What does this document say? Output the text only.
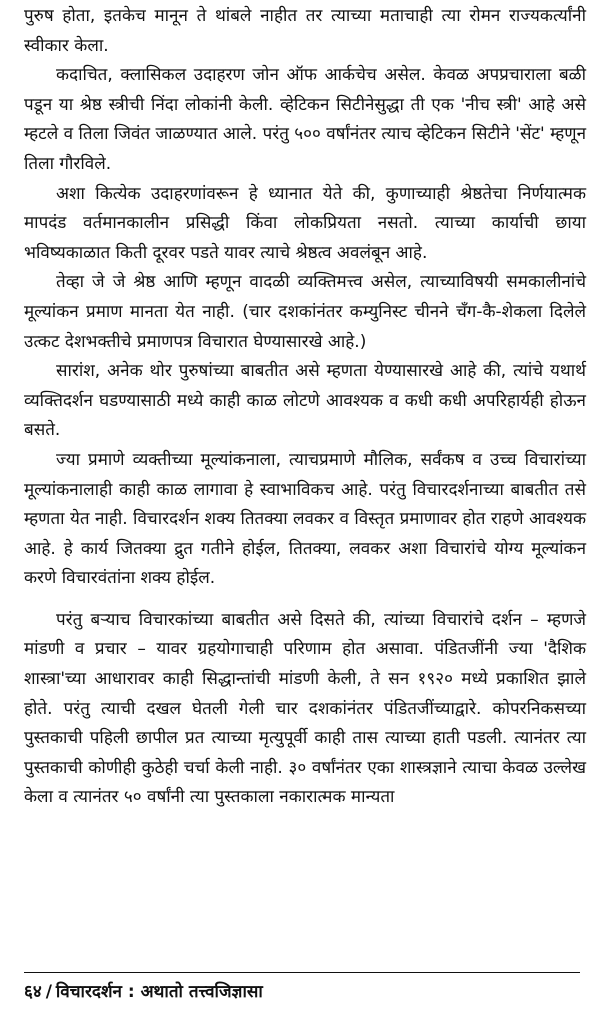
पुरुष होता, इतकेच मानून ते थांबले नाहीत तर त्याच्या मताचाही त्या रोमन राज्यकर्त्यांनी स्वीकार केला.

कदाचित, क्लासिकल उदाहरण जोन ऑफ आर्कचेच असेल. केवळ अपप्रचाराला बळी पडून या श्रेष्ठ स्त्रीची निंदा लोकांनी केली. व्हेटिकन सिटीनेसुद्धा ती एक 'नीच स्त्री' आहे असे म्हटले व तिला जिवंत जाळण्यात आले. परंतु ५०० वर्षांनंतर त्याच व्हेटिकन सिटीने 'सेंट' म्हणून तिला गौरविले.

अशा कित्येक उदाहरणांवरून हे ध्यानात येते की, कुणाच्याही श्रेष्ठतेचा निर्णयात्मक मापदंड वर्तमानकालीन प्रसिद्धी किंवा लोकप्रियता नसतो. त्याच्या कार्याची छाया भविष्यकाळात किती दूरवर पडते यावर त्याचे श्रेष्ठत्व अवलंबून आहे.

तेव्हा जे जे श्रेष्ठ आणि म्हणून वादळी व्यक्तिमत्त्व असेल, त्याच्याविषयी समकालीनांचे मूल्यांकन प्रमाण मानता येत नाही. (चार दशकांनंतर कम्युनिस्ट चीनने चँग-कै-शेकला दिलेले उत्कट देशभक्तीचे प्रमाणपत्र विचारात घेण्यासारखे आहे.)

सारांश, अनेक थोर पुरुषांच्या बाबतीत असे म्हणता येण्यासारखे आहे की, त्यांचे यथार्थ व्यक्तिदर्शन घडण्यासाठी मध्ये काही काळ लोटणे आवश्यक व कधी कधी अपरिहार्यही होऊन बसते.

ज्या प्रमाणे व्यक्तीच्या मूल्यांकनाला, त्याचप्रमाणे मौलिक, सर्वंकष व उच्च विचारांच्या मूल्यांकनालाही काही काळ लागावा हे स्वाभाविकच आहे. परंतु विचारदर्शनाच्या बाबतीत तसे म्हणता येत नाही. विचारदर्शन शक्य तितक्या लवकर व विस्तृत प्रमाणावर होत राहणे आवश्यक आहे. हे कार्य जितक्या द्रुत गतीने होईल, तितक्या, लवकर अशा विचारांचे योग्य मूल्यांकन करणे विचारवंतांना शक्य होईल.

परंतु बऱ्याच विचारकांच्या बाबतीत असे दिसते की, त्यांच्या विचारांचे दर्शन – म्हणजे मांडणी व प्रचार – यावर ग्रहयोगाचाही परिणाम होत असावा. पंडितजींनी ज्या 'दैशिक शास्त्रा'च्या आधारावर काही सिद्धान्तांची मांडणी केली, ते सन १९२० मध्ये प्रकाशित झाले होते. परंतु त्याची दखल घेतली गेली चार दशकांनंतर पंडितजींच्याद्वारे. कोपरनिकसच्या पुस्तकाची पहिली छापील प्रत त्याच्या मृत्युपूर्वी काही तास त्याच्या हाती पडली. त्यानंतर त्या पुस्तकाची कोणीही कुठेही चर्चा केली नाही. ३० वर्षांनंतर एका शास्त्रज्ञाने त्याचा केवळ उल्लेख केला व त्यानंतर ५० वर्षांनी त्या पुस्तकाला नकारात्मक मान्यता

६४ / विचारदर्शन : अथातो तत्त्वजिज्ञासा
